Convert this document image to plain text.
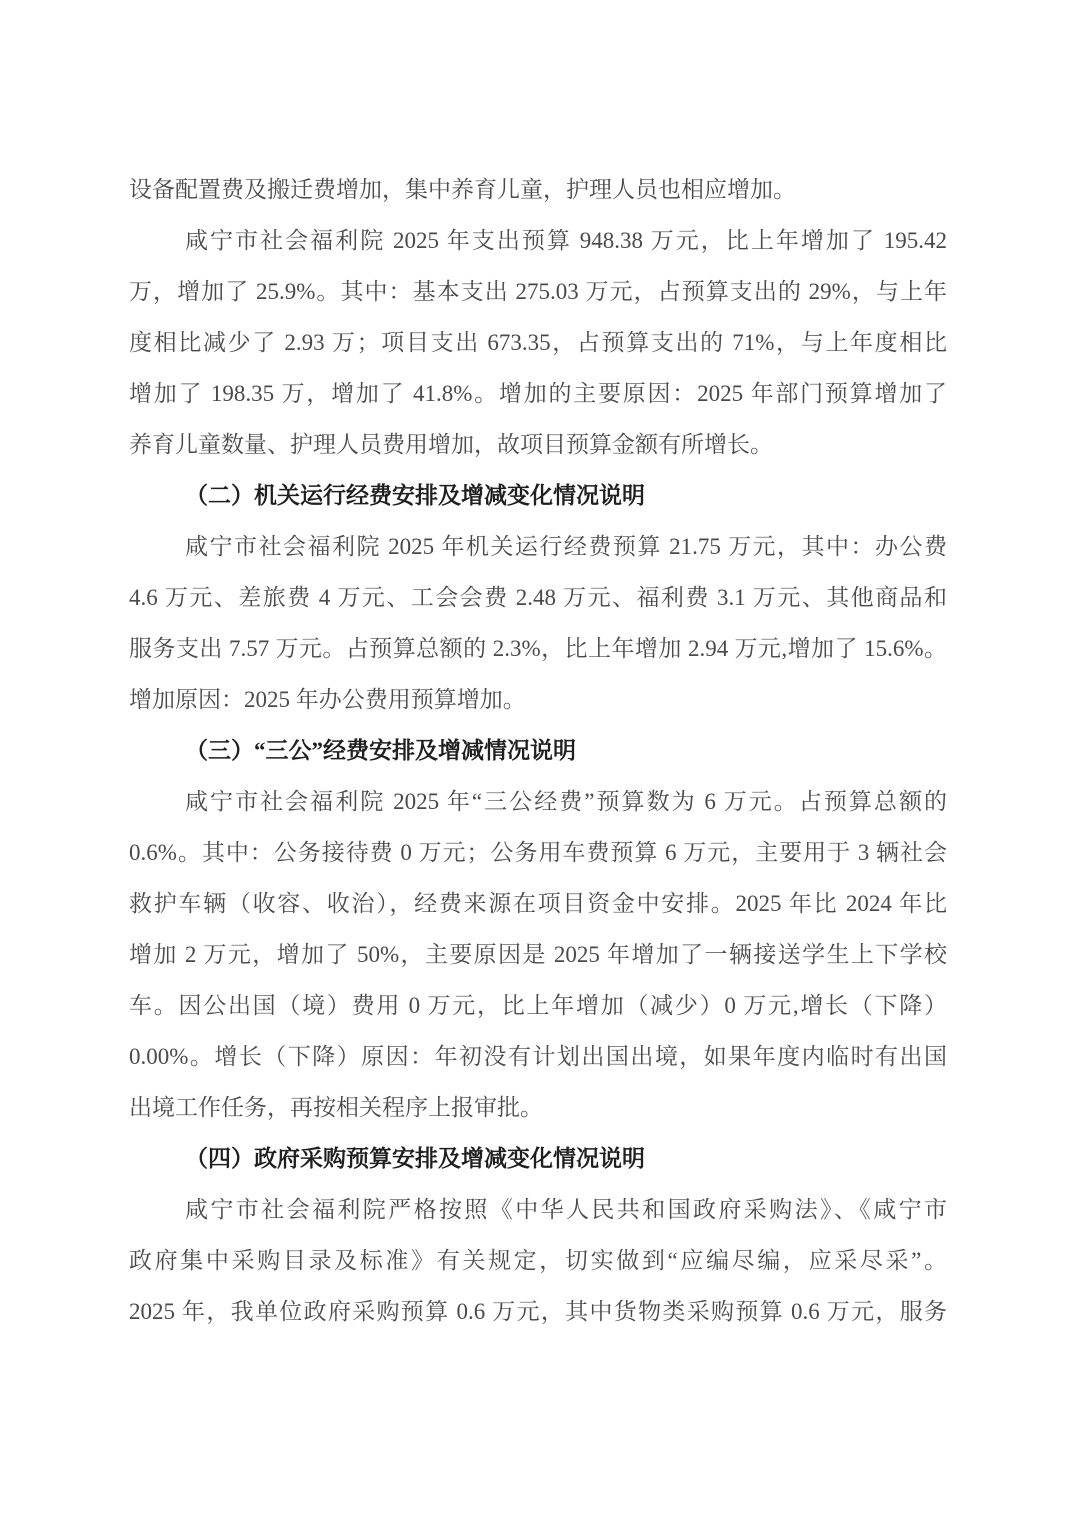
设备配置费及搬迁费增加，集中养育儿童，护理人员也相应增加。
咸宁市社会福利院 2025 年支出预算 948.38 万元，比上年增加了 195.42
万，增加了 25.9%。其中：基本支出 275.03 万元，占预算支出的 29%，与上年
度相比减少了 2.93 万；项目支出 673.35，占预算支出的 71%，与上年度相比
增加了 198.35 万，增加了 41.8%。增加的主要原因：2025 年部门预算增加了
养育儿童数量、护理人员费用增加，故项目预算金额有所增长。
（二）机关运行经费安排及增减变化情况说明
咸宁市社会福利院 2025 年机关运行经费预算 21.75 万元，其中：办公费
4.6 万元、差旅费 4 万元、工会会费 2.48 万元、福利费 3.1 万元、其他商品和
服务支出 7.57 万元。占预算总额的 2.3%，比上年增加 2.94 万元,增加了 15.6%。
增加原因：2025 年办公费用预算增加。
（三）“三公”经费安排及增减情况说明
咸宁市社会福利院 2025 年“三公经费”预算数为 6 万元。占预算总额的
0.6%。其中：公务接待费 0 万元；公务用车费预算 6 万元，主要用于 3 辆社会
救护车辆（收容、收治），经费来源在项目资金中安排。2025 年比 2024 年比
增加 2 万元，增加了 50%，主要原因是 2025 年增加了一辆接送学生上下学校
车。因公出国（境）费用 0 万元，比上年增加（减少）0 万元,增长（下降）
0.00%。增长（下降）原因：年初没有计划出国出境，如果年度内临时有出国
出境工作任务，再按相关程序上报审批。
（四）政府采购预算安排及增减变化情况说明
咸宁市社会福利院严格按照《中华人民共和国政府采购法》、《咸宁市
政府集中采购目录及标准》有关规定，切实做到“应编尽编，应采尽采”。
2025 年，我单位政府采购预算 0.6 万元，其中货物类采购预算 0.6 万元，服务
